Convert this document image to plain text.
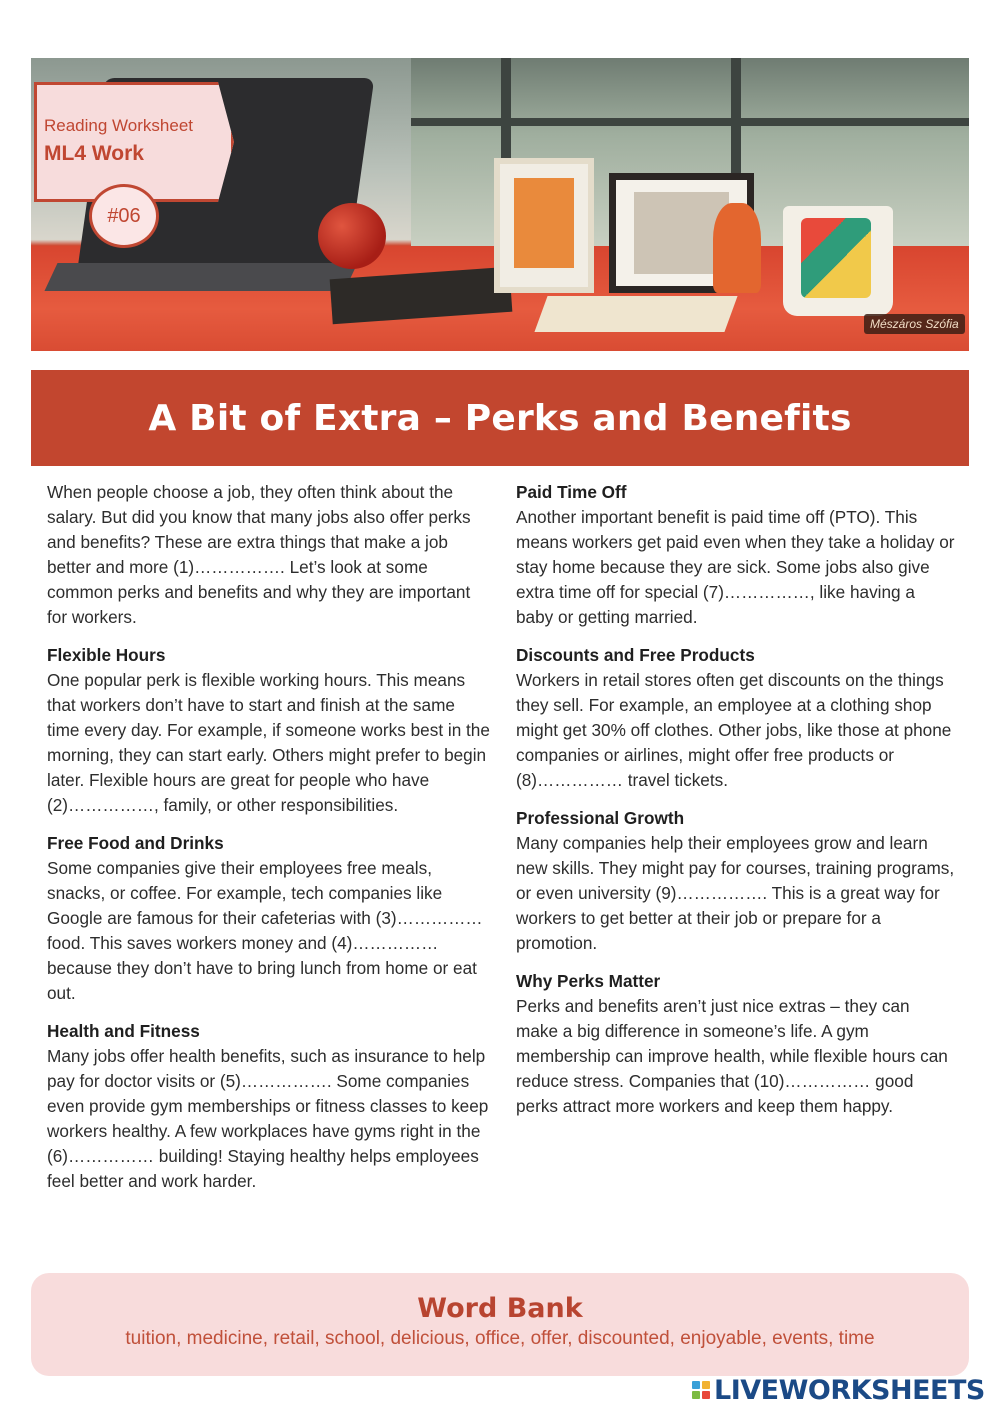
Reading Worksheet
ML4 Work
#06
Mészáros Szófia
A Bit of Extra – Perks and Benefits

When people choose a job, they often think about the salary. But did you know that many jobs also offer perks and benefits? These are extra things that make a job better and more (1)……………. Let’s look at some common perks and benefits and why they are important for workers.

Flexible Hours

One popular perk is flexible working hours. This means that workers don’t have to start and finish at the same time every day. For example, if someone works best in the morning, they can start early. Others might prefer to begin later. Flexible hours are great for people who have (2)……………, family, or other responsibilities.

Free Food and Drinks

Some companies give their employees free meals, snacks, or coffee. For example, tech companies like Google are famous for their cafeterias with (3)…………… food. This saves workers money and (4)…………… because they don’t have to bring lunch from home or eat out.

Health and Fitness

Many jobs offer health benefits, such as insurance to help pay for doctor visits or (5)……………. Some companies even provide gym memberships or fitness classes to keep workers healthy. A few workplaces have gyms right in the (6)…………… building! Staying healthy helps employees feel better and work harder.

Paid Time Off

Another important benefit is paid time off (PTO). This means workers get paid even when they take a holiday or stay home because they are sick. Some jobs also give extra time off for special (7)……………, like having a baby or getting married.

Discounts and Free Products

Workers in retail stores often get discounts on the things they sell. For example, an employee at a clothing shop might get 30% off clothes. Other jobs, like those at phone companies or airlines, might offer free products or (8)…………… travel tickets.

Professional Growth

Many companies help their employees grow and learn new skills. They might pay for courses, training programs, or even university (9)……………. This is a great way for workers to get better at their job or prepare for a promotion.

Why Perks Matter

Perks and benefits aren’t just nice extras – they can make a big difference in someone’s life. A gym membership can improve health, while flexible hours can reduce stress. Companies that (10)…………… good perks attract more workers and keep them happy.

Word Bank
tuition, medicine, retail, school, delicious, office, offer, discounted, enjoyable, events, time
LIVEWORKSHEETS
